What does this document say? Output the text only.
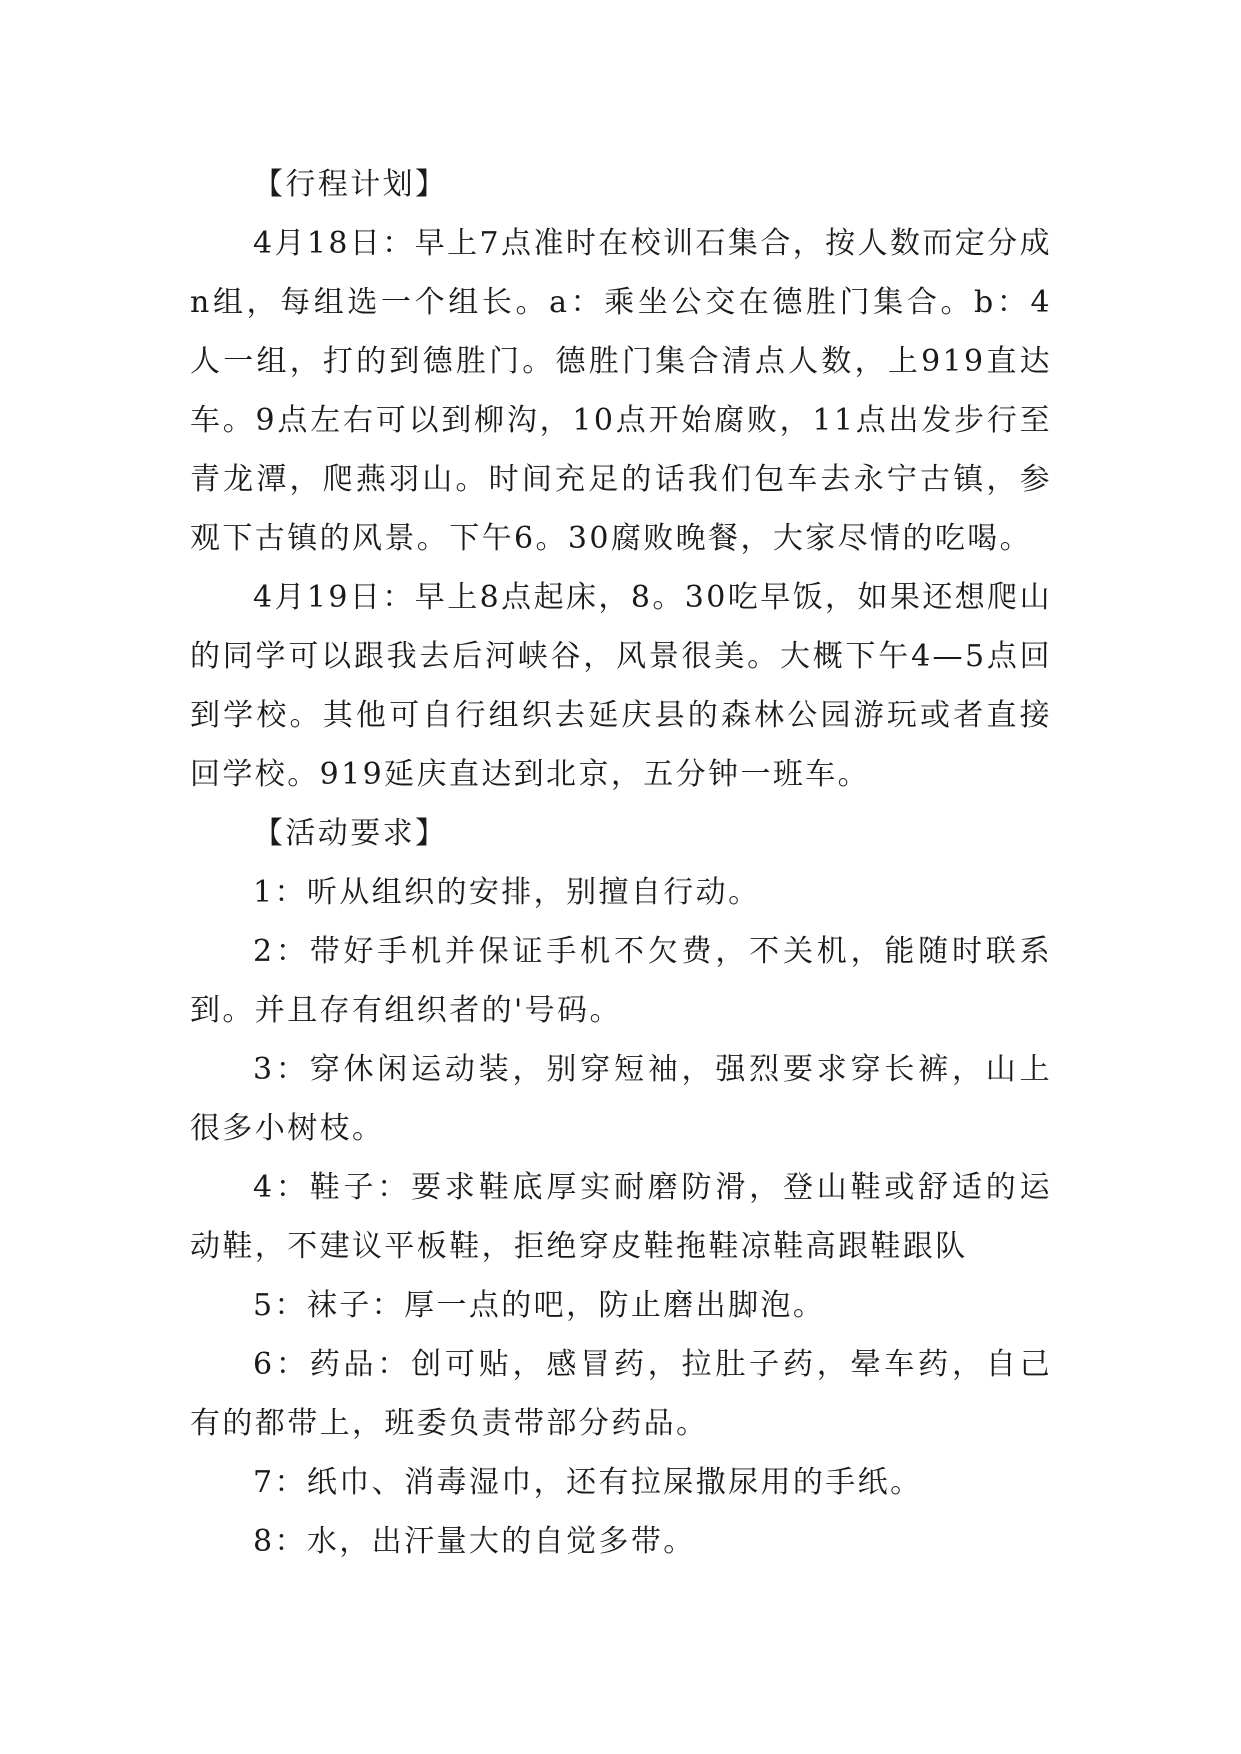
【行程计划】

4月18日：早上7点准时在校训石集合，按人数而定分成n组，每组选一个组长。a：乘坐公交在德胜门集合。b：4人一组，打的到德胜门。德胜门集合清点人数，上919直达车。9点左右可以到柳沟，10点开始腐败，11点出发步行至青龙潭，爬燕羽山。时间充足的话我们包车去永宁古镇，参观下古镇的风景。下午6。30腐败晚餐，大家尽情的吃喝。

4月19日：早上8点起床，8。30吃早饭，如果还想爬山的同学可以跟我去后河峡谷，风景很美。大概下午4—5点回到学校。其他可自行组织去延庆县的森林公园游玩或者直接回学校。919延庆直达到北京，五分钟一班车。

【活动要求】

1：听从组织的安排，别擅自行动。

2：带好手机并保证手机不欠费，不关机，能随时联系到。并且存有组织者的'号码。

3：穿休闲运动装，别穿短袖，强烈要求穿长裤，山上很多小树枝。

4：鞋子：要求鞋底厚实耐磨防滑，登山鞋或舒适的运动鞋，不建议平板鞋，拒绝穿皮鞋拖鞋凉鞋高跟鞋跟队

5：袜子：厚一点的吧，防止磨出脚泡。

6：药品：创可贴，感冒药，拉肚子药，晕车药，自己有的都带上，班委负责带部分药品。

7：纸巾、消毒湿巾，还有拉屎撒尿用的手纸。

8：水，出汗量大的自觉多带。
